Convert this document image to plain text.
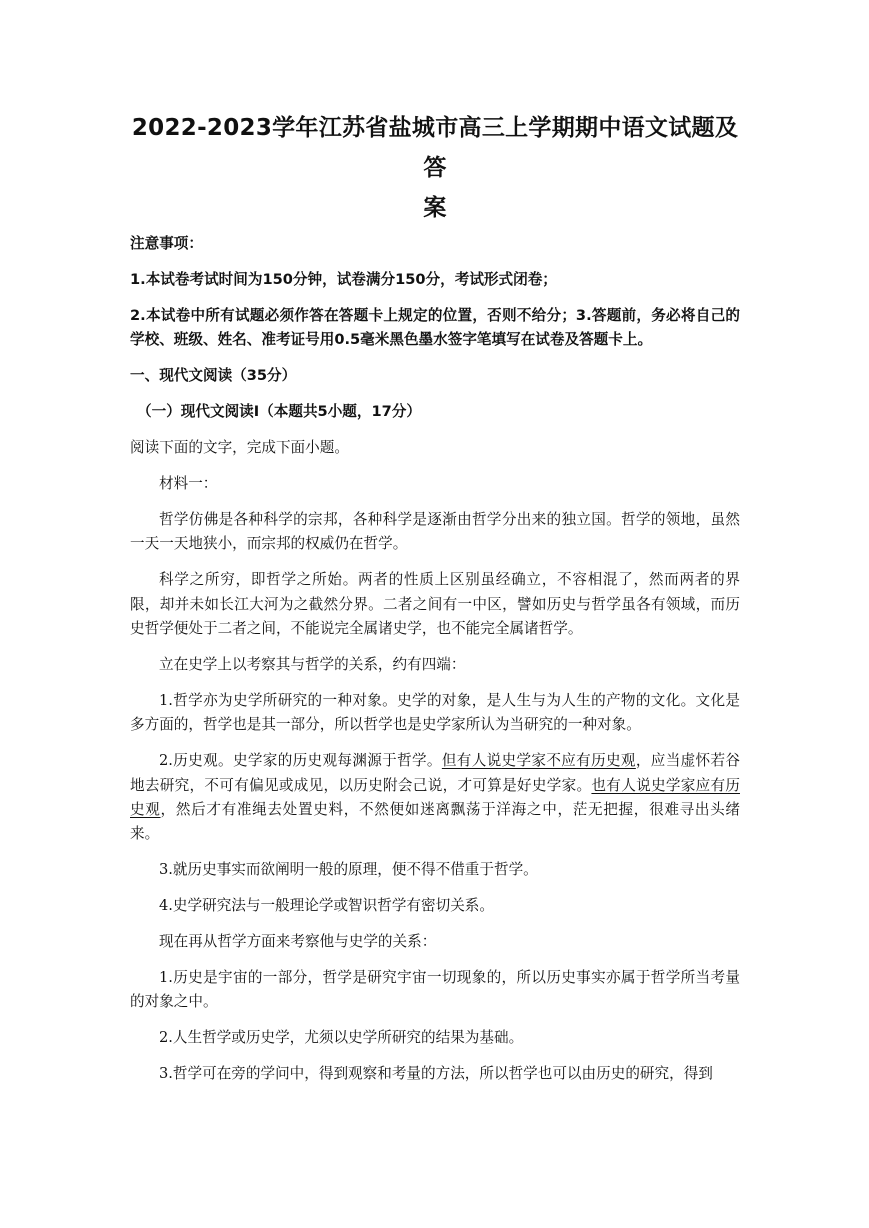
2022-2023学年江苏省盐城市高三上学期期中语文试题及答
案
注意事项：
1.本试卷考试时间为150分钟，试卷满分150分，考试形式闭卷；
2.本试卷中所有试题必须作答在答题卡上规定的位置，否则不给分；3.答题前，务必将自己的学校、班级、姓名、准考证号用0.5毫米黑色墨水签字笔填写在试卷及答题卡上。
一、现代文阅读（35分）
（一）现代文阅读Ⅰ（本题共5小题，17分）
阅读下面的文字，完成下面小题。
材料一：
哲学仿佛是各种科学的宗邦，各种科学是逐渐由哲学分出来的独立国。哲学的领地，虽然一天一天地狭小，而宗邦的权威仍在哲学。
科学之所穷，即哲学之所始。两者的性质上区别虽经确立，不容相混了，然而两者的界限，却并未如长江大河为之截然分界。二者之间有一中区，譬如历史与哲学虽各有领域，而历史哲学便处于二者之间，不能说完全属诸史学，也不能完全属诸哲学。
立在史学上以考察其与哲学的关系，约有四端：
1.哲学亦为史学所研究的一种对象。史学的对象，是人生与为人生的产物的文化。文化是多方面的，哲学也是其一部分，所以哲学也是史学家所认为当研究的一种对象。
2.历史观。史学家的历史观每渊源于哲学。但有人说史学家不应有历史观，应当虚怀若谷地去研究，不可有偏见或成见，以历史附会己说，才可算是好史学家。也有人说史学家应有历史观，然后才有准绳去处置史料，不然便如迷离飘荡于洋海之中，茫无把握，很难寻出头绪来。
3.就历史事实而欲阐明一般的原理，便不得不借重于哲学。
4.史学研究法与一般理论学或智识哲学有密切关系。
现在再从哲学方面来考察他与史学的关系：
1.历史是宇宙的一部分，哲学是研究宇宙一切现象的，所以历史事实亦属于哲学所当考量的对象之中。
2.人生哲学或历史学，尤须以史学所研究的结果为基础。
3.哲学可在旁的学问中，得到观察和考量的方法，所以哲学也可以由历史的研究，得到
